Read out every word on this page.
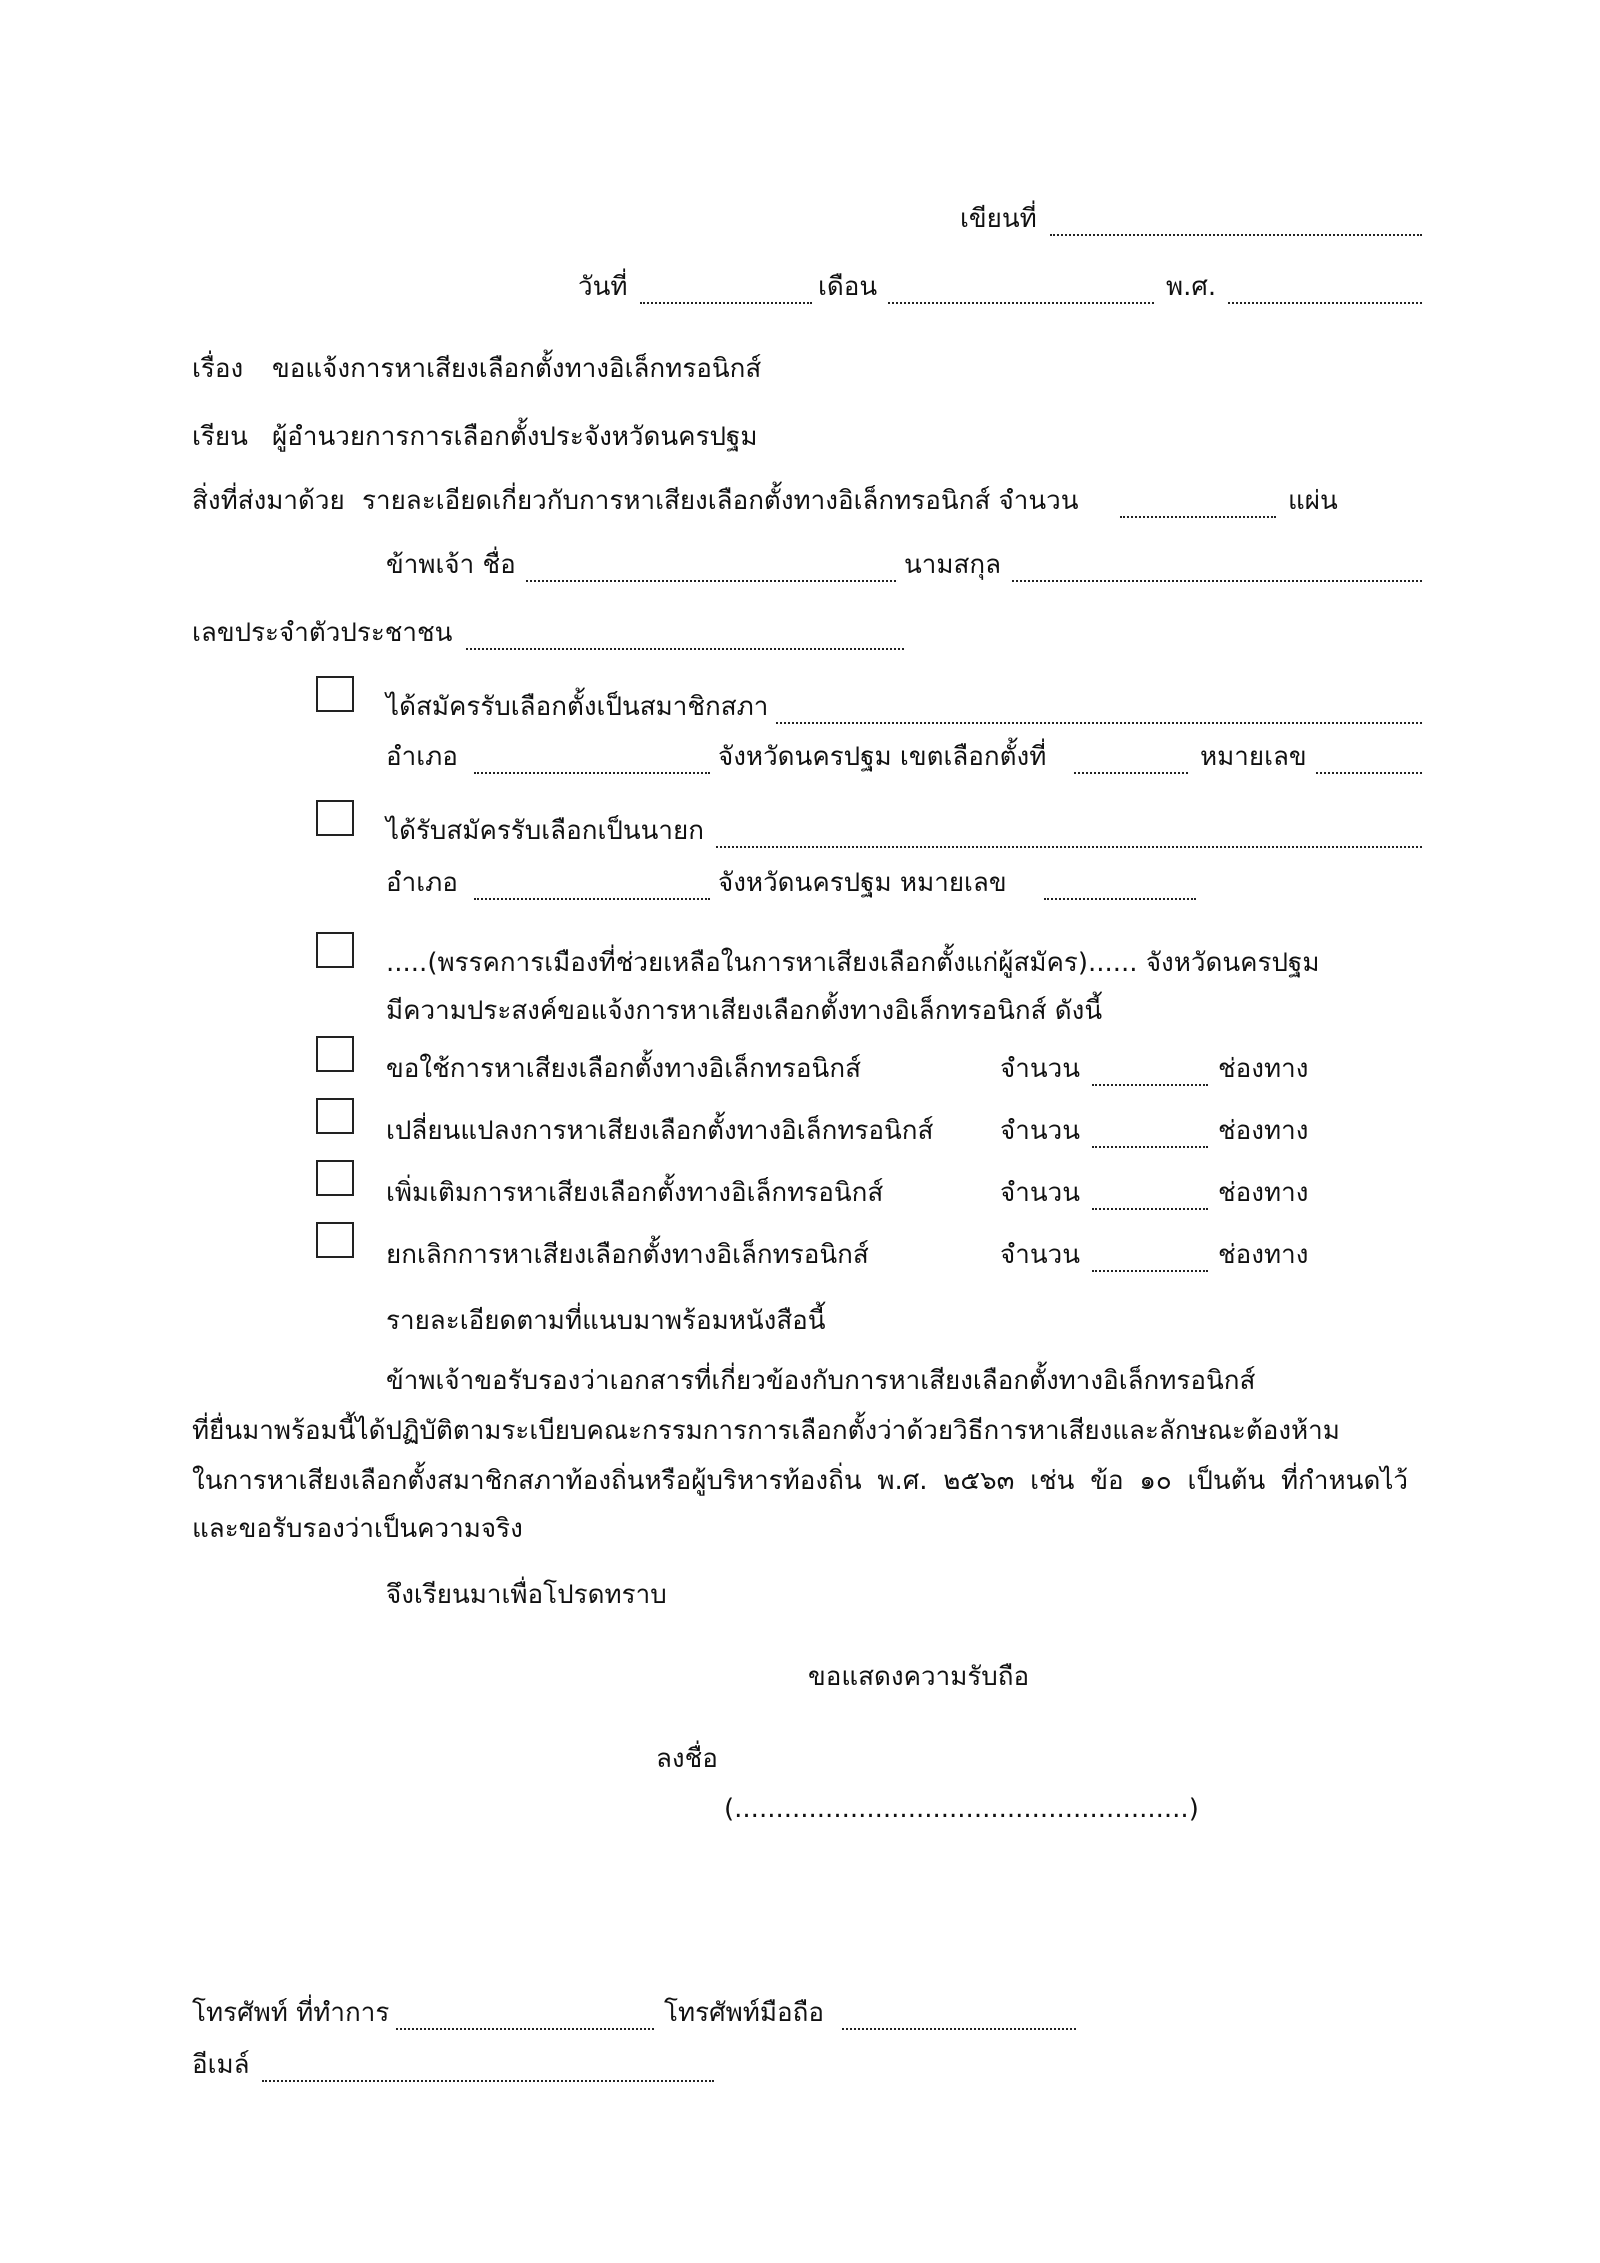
เขียนที่
วันที่	เดือน	พ.ศ.
เรื่อง ขอแจ้งการหาเสียงเลือกตั้งทางอิเล็กทรอนิกส์
เรียน ผู้อำนวยการการเลือกตั้งประจังหวัดนครปฐม
สิ่งที่ส่งมาด้วย รายละเอียดเกี่ยวกับการหาเสียงเลือกตั้งทางอิเล็กทรอนิกส์ จำนวน	แผ่น
ข้าพเจ้า ชื่อ	นามสกุล
เลขประจำตัวประชาชน
ได้สมัครรับเลือกตั้งเป็นสมาชิกสภา
อำเภอ	จังหวัดนครปฐม เขตเลือกตั้งที่	หมายเลข
ได้รับสมัครรับเลือกเป็นนายก
อำเภอ	จังหวัดนครปฐม หมายเลข
.....(พรรคการเมืองที่ช่วยเหลือในการหาเสียงเลือกตั้งแก่ผู้สมัคร)...... จังหวัดนครปฐม
มีความประสงค์ขอแจ้งการหาเสียงเลือกตั้งทางอิเล็กทรอนิกส์ ดังนี้
ขอใช้การหาเสียงเลือกตั้งทางอิเล็กทรอนิกส์	จำนวน	ช่องทาง
เปลี่ยนแปลงการหาเสียงเลือกตั้งทางอิเล็กทรอนิกส์	จำนวน	ช่องทาง
เพิ่มเติมการหาเสียงเลือกตั้งทางอิเล็กทรอนิกส์	จำนวน	ช่องทาง
ยกเลิกการหาเสียงเลือกตั้งทางอิเล็กทรอนิกส์	จำนวน	ช่องทาง
รายละเอียดตามที่แนบมาพร้อมหนังสือนี้
ข้าพเจ้าขอรับรองว่าเอกสารที่เกี่ยวข้องกับการหาเสียงเลือกตั้งทางอิเล็กทรอนิกส์
ที่ยื่นมาพร้อมนี้ได้ปฏิบัติตามระเบียบคณะกรรมการการเลือกตั้งว่าด้วยวิธีการหาเสียงและลักษณะต้องห้าม
ในการหาเสียงเลือกตั้งสมาชิกสภาท้องถิ่นหรือผู้บริหารท้องถิ่น พ.ศ. ๒๕๖๓ เช่น ข้อ ๑๐ เป็นต้น ที่กำหนดไว้
และขอรับรองว่าเป็นความจริง
จึงเรียนมาเพื่อโปรดทราบ
ขอแสดงความรับถือ
ลงชื่อ
(.......................................................)
โทรศัพท์ ที่ทำการ	โทรศัพท์มือถือ
อีเมล์
